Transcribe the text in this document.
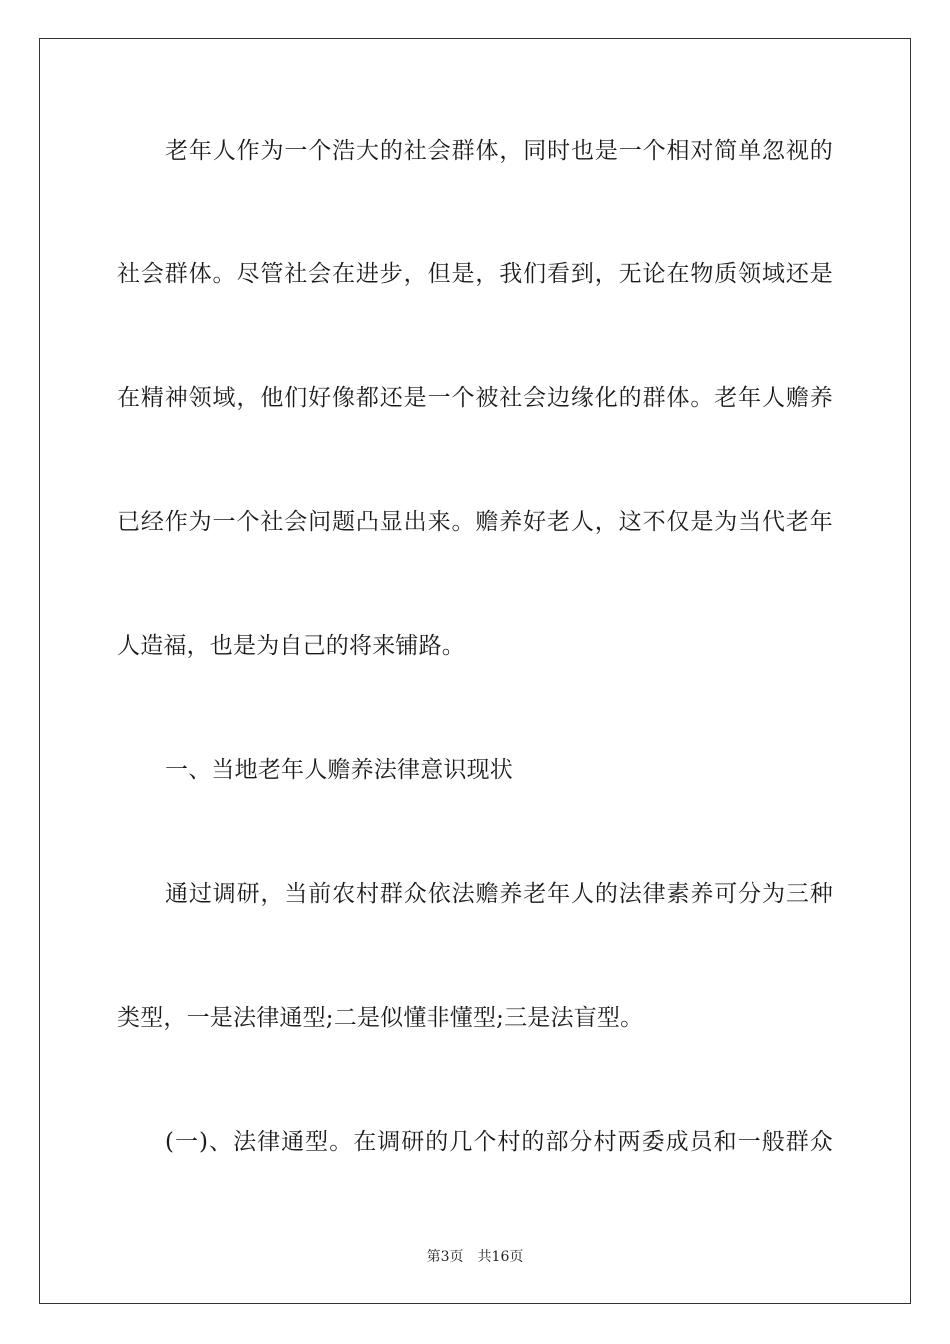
老年人作为一个浩大的社会群体，同时也是一个相对简单忽视的
社会群体。尽管社会在进步，但是，我们看到，无论在物质领域还是
在精神领域，他们好像都还是一个被社会边缘化的群体。老年人赡养
已经作为一个社会问题凸显出来。赡养好老人，这不仅是为当代老年
人造福，也是为自己的将来铺路。
一、当地老年人赡养法律意识现状
通过调研，当前农村群众依法赡养老年人的法律素养可分为三种
类型，一是法律通型;二是似懂非懂型;三是法盲型。
(一)、法律通型。在调研的几个村的部分村两委成员和一般群众
第3页 共16页
